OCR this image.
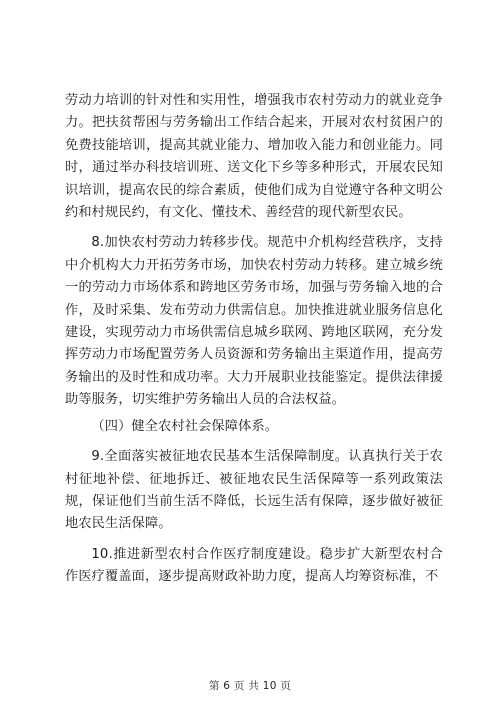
劳动力培训的针对性和实用性，增强我市农村劳动力的就业竞争力。把扶贫帮困与劳务输出工作结合起来，开展对农村贫困户的免费技能培训，提高其就业能力、增加收入能力和创业能力。同时，通过举办科技培训班、送文化下乡等多种形式，开展农民知识培训，提高农民的综合素质，使他们成为自觉遵守各种文明公约和村规民约，有文化、懂技术、善经营的现代新型农民。

8.加快农村劳动力转移步伐。规范中介机构经营秩序，支持中介机构大力开拓劳务市场，加快农村劳动力转移。建立城乡统一的劳动力市场体系和跨地区劳务市场，加强与劳务输入地的合作，及时采集、发布劳动力供需信息。加快推进就业服务信息化建设，实现劳动力市场供需信息城乡联网、跨地区联网，充分发挥劳动力市场配置劳务人员资源和劳务输出主渠道作用，提高劳务输出的及时性和成功率。大力开展职业技能鉴定。提供法律援助等服务，切实维护劳务输出人员的合法权益。

（四）健全农村社会保障体系。

9.全面落实被征地农民基本生活保障制度。认真执行关于农村征地补偿、征地拆迁、被征地农民生活保障等一系列政策法规，保证他们当前生活不降低，长远生活有保障，逐步做好被征地农民生活保障。

10.推进新型农村合作医疗制度建设。稳步扩大新型农村合作医疗覆盖面，逐步提高财政补助力度，提高人均筹资标准，不

第 6 页 共 10 页
